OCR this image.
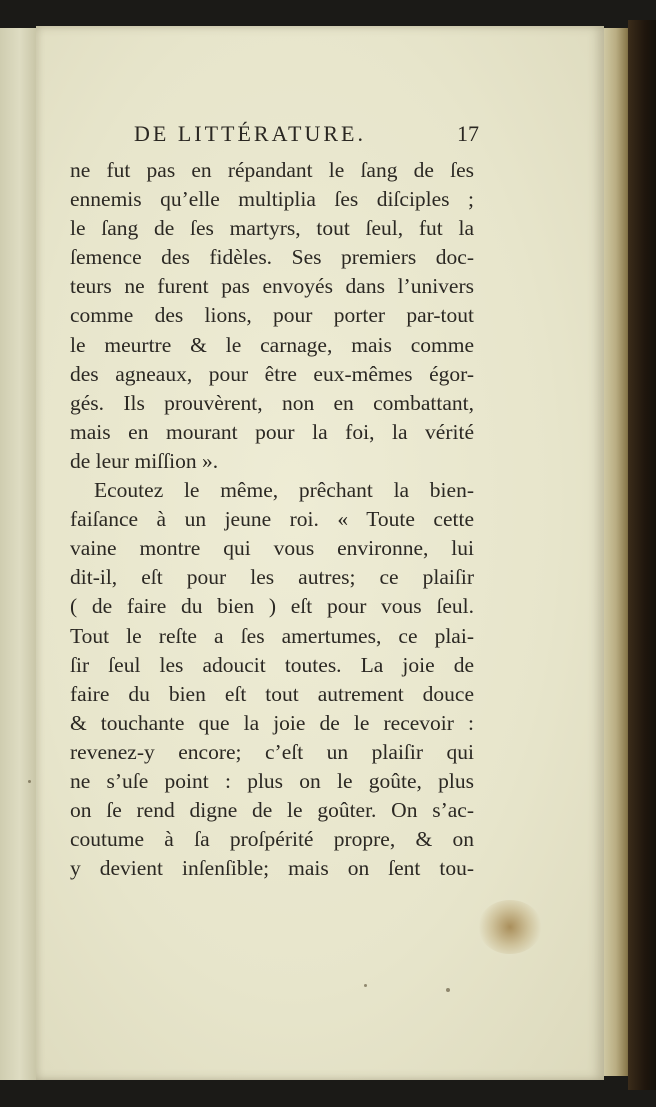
DE LITTÉRATURE.	17
ne fut pas en répandant le ſang de ſes
ennemis qu’elle multiplia ſes diſciples ;
le ſang de ſes martyrs, tout ſeul, fut la
ſemence des fidèles. Ses premiers doc-
teurs ne furent pas envoyés dans l’univers
comme des lions, pour porter par-tout
le meurtre & le carnage, mais comme
des agneaux, pour être eux-mêmes égor-
gés. Ils prouvèrent, non en combattant,
mais en mourant pour la foi, la vérité
de leur miſſion ».
Ecoutez le même, prêchant la bien-
faiſance à un jeune roi. « Toute cette
vaine montre qui vous environne, lui
dit-il, eſt pour les autres; ce plaiſir
( de faire du bien ) eſt pour vous ſeul.
Tout le reſte a ſes amertumes, ce plai-
ſir ſeul les adoucit toutes. La joie de
faire du bien eſt tout autrement douce
& touchante que la joie de le recevoir :
revenez-y encore; c’eſt un plaiſir qui
ne s’uſe point : plus on le goûte, plus
on ſe rend digne de le goûter. On s’ac-
coutume à ſa proſpérité propre, & on
y devient inſenſible; mais on ſent tou-
